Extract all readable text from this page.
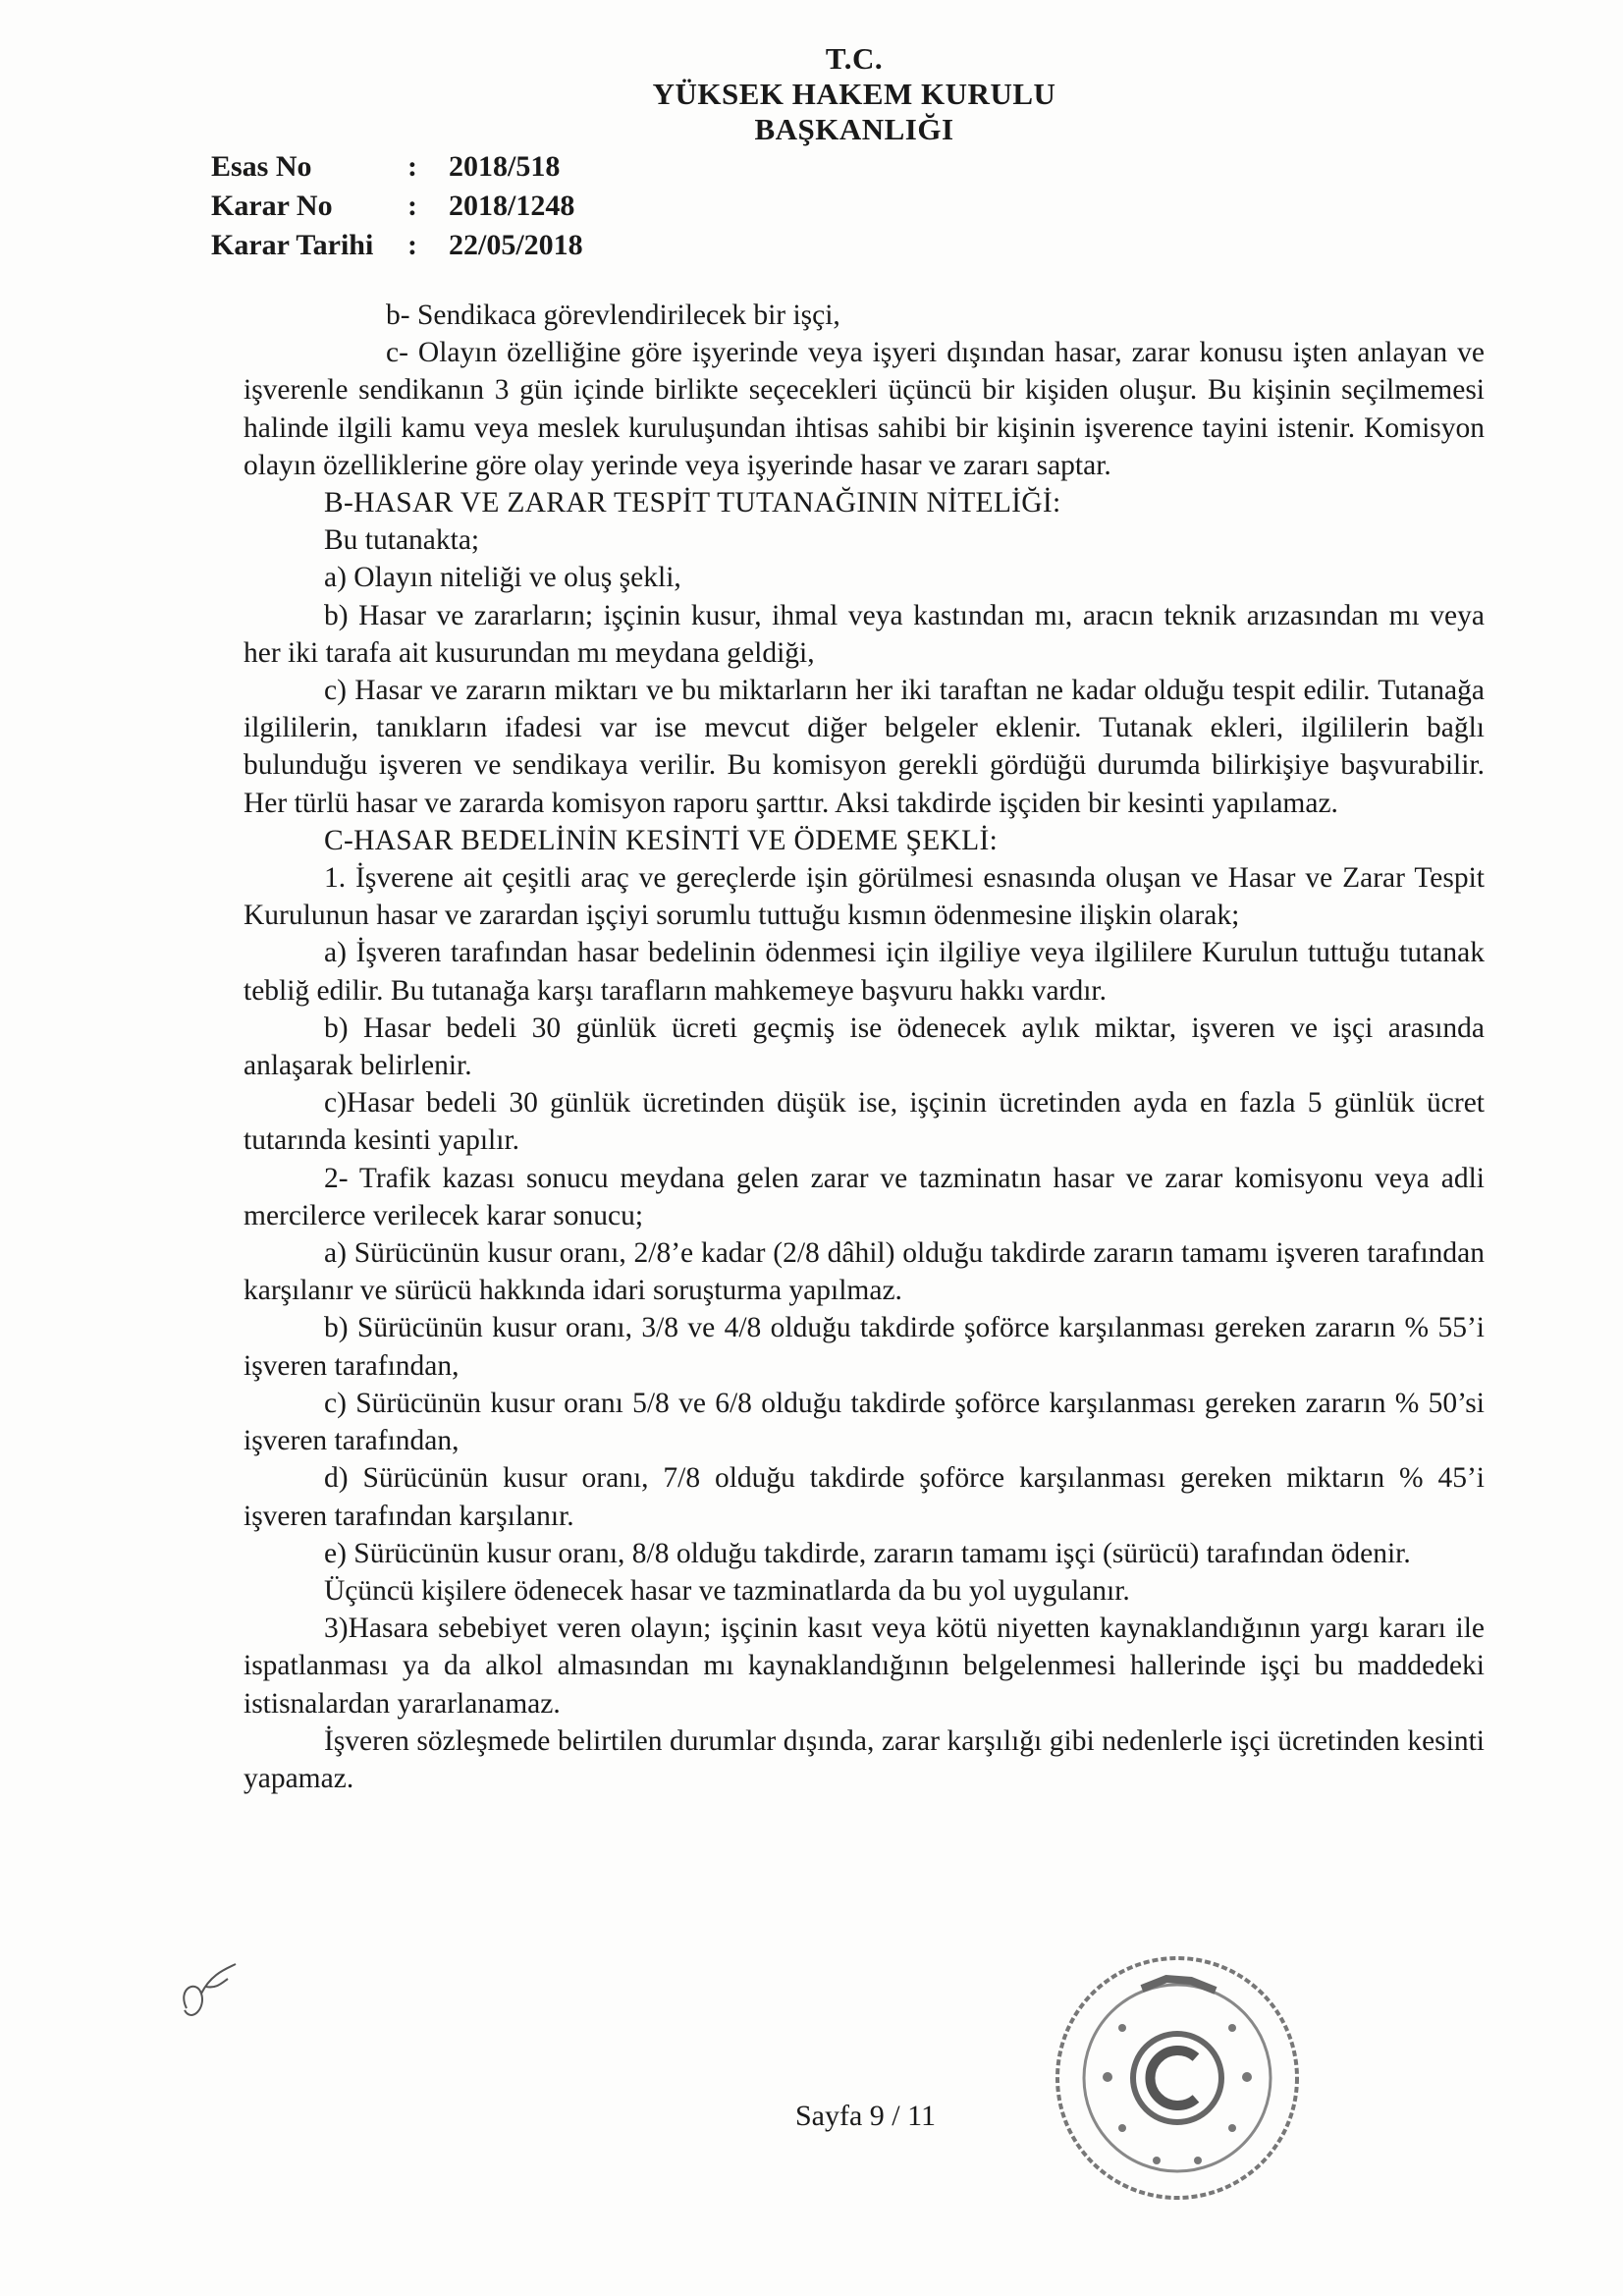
T.C.
YÜKSEK HAKEM KURULU
BAŞKANLIĞI
Esas No	:	2018/518
Karar No	:	2018/1248
Karar Tarihi	:	22/05/2018

b- Sendikaca görevlendirilecek bir işçi,

c- Olayın özelliğine göre işyerinde veya işyeri dışından hasar, zarar konusu işten anlayan ve işverenle sendikanın 3 gün içinde birlikte seçecekleri üçüncü bir kişiden oluşur. Bu kişinin seçilmemesi halinde ilgili kamu veya meslek kuruluşundan ihtisas sahibi bir kişinin işverence tayini istenir. Komisyon olayın özelliklerine göre olay yerinde veya işyerinde hasar ve zararı saptar.

B-HASAR VE ZARAR TESPİT TUTANAĞININ NİTELİĞİ:

Bu tutanakta;

a) Olayın niteliği ve oluş şekli,

b) Hasar ve zararların; işçinin kusur, ihmal veya kastından mı, aracın teknik arızasından mı veya her iki tarafa ait kusurundan mı meydana geldiği,

c) Hasar ve zararın miktarı ve bu miktarların her iki taraftan ne kadar olduğu tespit edilir. Tutanağa ilgililerin, tanıkların ifadesi var ise mevcut diğer belgeler eklenir. Tutanak ekleri, ilgililerin bağlı bulunduğu işveren ve sendikaya verilir. Bu komisyon gerekli gördüğü durumda bilirkişiye başvurabilir. Her türlü hasar ve zararda komisyon raporu şarttır. Aksi takdirde işçiden bir kesinti yapılamaz.

C-HASAR BEDELİNİN KESİNTİ VE ÖDEME ŞEKLİ:

1. İşverene ait çeşitli araç ve gereçlerde işin görülmesi esnasında oluşan ve Hasar ve Zarar Tespit Kurulunun hasar ve zarardan işçiyi sorumlu tuttuğu kısmın ödenmesine ilişkin olarak;

a) İşveren tarafından hasar bedelinin ödenmesi için ilgiliye veya ilgililere Kurulun tuttuğu tutanak tebliğ edilir. Bu tutanağa karşı tarafların mahkemeye başvuru hakkı vardır.

b) Hasar bedeli 30 günlük ücreti geçmiş ise ödenecek aylık miktar, işveren ve işçi arasında anlaşarak belirlenir.

c)Hasar bedeli 30 günlük ücretinden düşük ise, işçinin ücretinden ayda en fazla 5 günlük ücret tutarında kesinti yapılır.

2- Trafik kazası sonucu meydana gelen zarar ve tazminatın hasar ve zarar komisyonu veya adli mercilerce verilecek karar sonucu;

a) Sürücünün kusur oranı, 2/8’e kadar (2/8 dâhil) olduğu takdirde zararın tamamı işveren tarafından karşılanır ve sürücü hakkında idari soruşturma yapılmaz.

b) Sürücünün kusur oranı, 3/8 ve 4/8 olduğu takdirde şoförce karşılanması gereken zararın % 55’i işveren tarafından,

c) Sürücünün kusur oranı 5/8 ve 6/8 olduğu takdirde şoförce karşılanması gereken zararın % 50’si işveren tarafından,

d) Sürücünün kusur oranı, 7/8 olduğu takdirde şoförce karşılanması gereken miktarın % 45’i işveren tarafından karşılanır.

e) Sürücünün kusur oranı, 8/8 olduğu takdirde, zararın tamamı işçi (sürücü) tarafından ödenir.

Üçüncü kişilere ödenecek hasar ve tazminatlarda da bu yol uygulanır.

3)Hasara sebebiyet veren olayın; işçinin kasıt veya kötü niyetten kaynaklandığının yargı kararı ile ispatlanması ya da alkol almasından mı kaynaklandığının belgelenmesi hallerinde işçi bu maddedeki istisnalardan yararlanamaz.

İşveren sözleşmede belirtilen durumlar dışında, zarar karşılığı gibi nedenlerle işçi ücretinden kesinti yapamaz.

Sayfa 9 / 11
